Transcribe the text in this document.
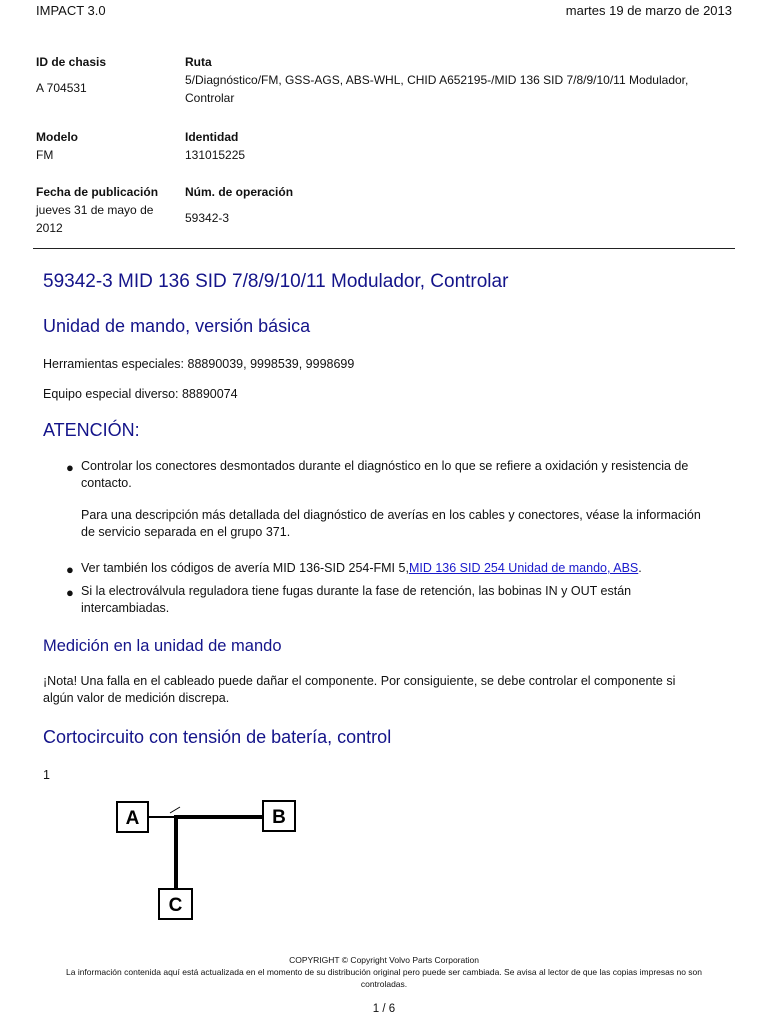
IMPACT 3.0	martes 19 de marzo de 2013
ID de chasis
A 704531
Ruta
5/Diagnóstico/FM, GSS-AGS, ABS-WHL, CHID A652195-/MID 136 SID 7/8/9/10/11 Modulador,
Controlar
Modelo
FM
Identidad
131015225
Fecha de publicación
jueves 31 de mayo de
2012
Núm. de operación
59342-3
59342-3 MID 136 SID 7/8/9/10/11 Modulador, Controlar
Unidad de mando, versión básica
Herramientas especiales: 88890039, 9998539, 9998699
Equipo especial diverso: 88890074
ATENCIÓN:
● Controlar los conectores desmontados durante el diagnóstico en lo que se refiere a oxidación y resistencia de
contacto.
Para una descripción más detallada del diagnóstico de averías en los cables y conectores, véase la información
de servicio separada en el grupo 371.
● Ver también los códigos de avería MID 136-SID 254-FMI 5,MID 136 SID 254 Unidad de mando, ABS.
● Si la electroválvula reguladora tiene fugas durante la fase de retención, las bobinas IN y OUT están
intercambiadas.
Medición en la unidad de mando
¡Nota! Una falla en el cableado puede dañar el componente. Por consiguiente, se debe controlar el componente si
algún valor de medición discrepa.
Cortocircuito con tensión de batería, control
1
A	B
C
COPYRIGHT © Copyright Volvo Parts Corporation
La información contenida aquí está actualizada en el momento de su distribución original pero puede ser cambiada. Se avisa al lector de que las copias impresas no son
controladas.
1 / 6
